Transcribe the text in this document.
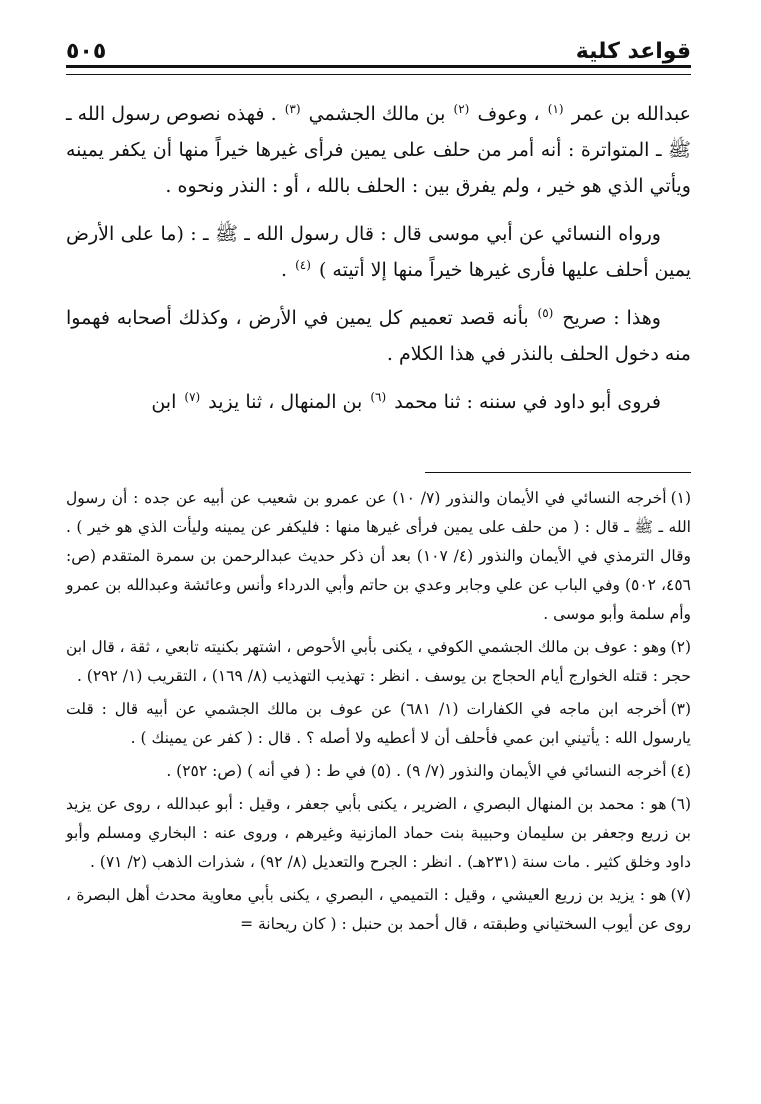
قواعد كلية
٥٠٥

عبدالله بن عمر $^{(١)}$ ، وعوف $^{(٢)}$ بن مالك الجشمي $^{(٣)}$ . فهذه نصوص رسول الله ـ ﷺ ـ المتواترة : أنه أمر من حلف على يمين فرأى غيرها خيراً منها أن يكفر يمينه ويأتي الذي هو خير ، ولم يفرق بين : الحلف بالله ، أو : النذر ونحوه .

ورواه النسائي عن أبي موسى قال : قال رسول الله ـ ﷺ ـ : (ما على الأرض يمين أحلف عليها فأرى غيرها خيراً منها إلا أتيته ) $^{(٤)}$ .

وهذا : صريح $^{(٥)}$ بأنه قصد تعميم كل يمين في الأرض ، وكذلك أصحابه فهموا منه دخول الحلف بالنذر في هذا الكلام .

فروى أبو داود في سننه : ثنا محمد $^{(٦)}$ بن المنهال ، ثنا يزيد $^{(٧)}$ ابن

(١)أخرجه النسائي في الأيمان والنذور (٧/ ١٠) عن عمرو بن شعيب عن أبيه عن جده : أن رسول الله ـ ﷺ ـ قال : ( من حلف على يمين فرأى غيرها منها : فليكفر عن يمينه وليأت الذي هو خير ) . وقال الترمذي في الأيمان والنذور (٤/ ١٠٧) بعد أن ذكر حديث عبدالرحمن بن سمرة المتقدم (ص: ٤٥٦، ٥٠٢) وفي الباب عن علي وجابر وعدي بن حاتم وأبي الدرداء وأنس وعائشة وعبدالله بن عمرو وأم سلمة وأبو موسى .
(٢)وهو : عوف بن مالك الجشمي الكوفي ، يكنى بأبي الأحوص ، اشتهر بكنيته تابعي ، ثقة ، قال ابن حجر : قتله الخوارج أيام الحجاج بن يوسف . انظر : تهذيب التهذيب (٨/ ١٦٩) ، التقريب (١/ ٢٩٢) .
(٣)أخرجه ابن ماجه في الكفارات (١/ ٦٨١) عن عوف بن مالك الجشمي عن أبيه قال : قلت يارسول الله : يأتيني ابن عمي فأحلف أن لا أعطيه ولا أصله ؟ . قال : ( كفر عن يمينك ) .
(٤)أخرجه النسائي في الأيمان والنذور (٧/ ٩) . (٥) في ط : ( في أنه ) (ص: ٢٥٢) .
(٦)هو : محمد بن المنهال البصري ، الضرير ، يكنى بأبي جعفر ، وقيل : أبو عبدالله ، روى عن يزيد بن زريع وجعفر بن سليمان وحبيبة بنت حماد المازنية وغيرهم ، وروى عنه : البخاري ومسلم وأبو داود وخلق كثير . مات سنة (٢٣١هـ) . انظر : الجرح والتعديل (٨/ ٩٢) ، شذرات الذهب (٢/ ٧١) .
(٧)هو : يزيد بن زريع العيشي ، وقيل : التميمي ، البصري ، يكنى بأبي معاوية محدث أهل البصرة ، روى عن أيوب السختياني وطبقته ، قال أحمد بن حنبل : ( كان ريحانة =
